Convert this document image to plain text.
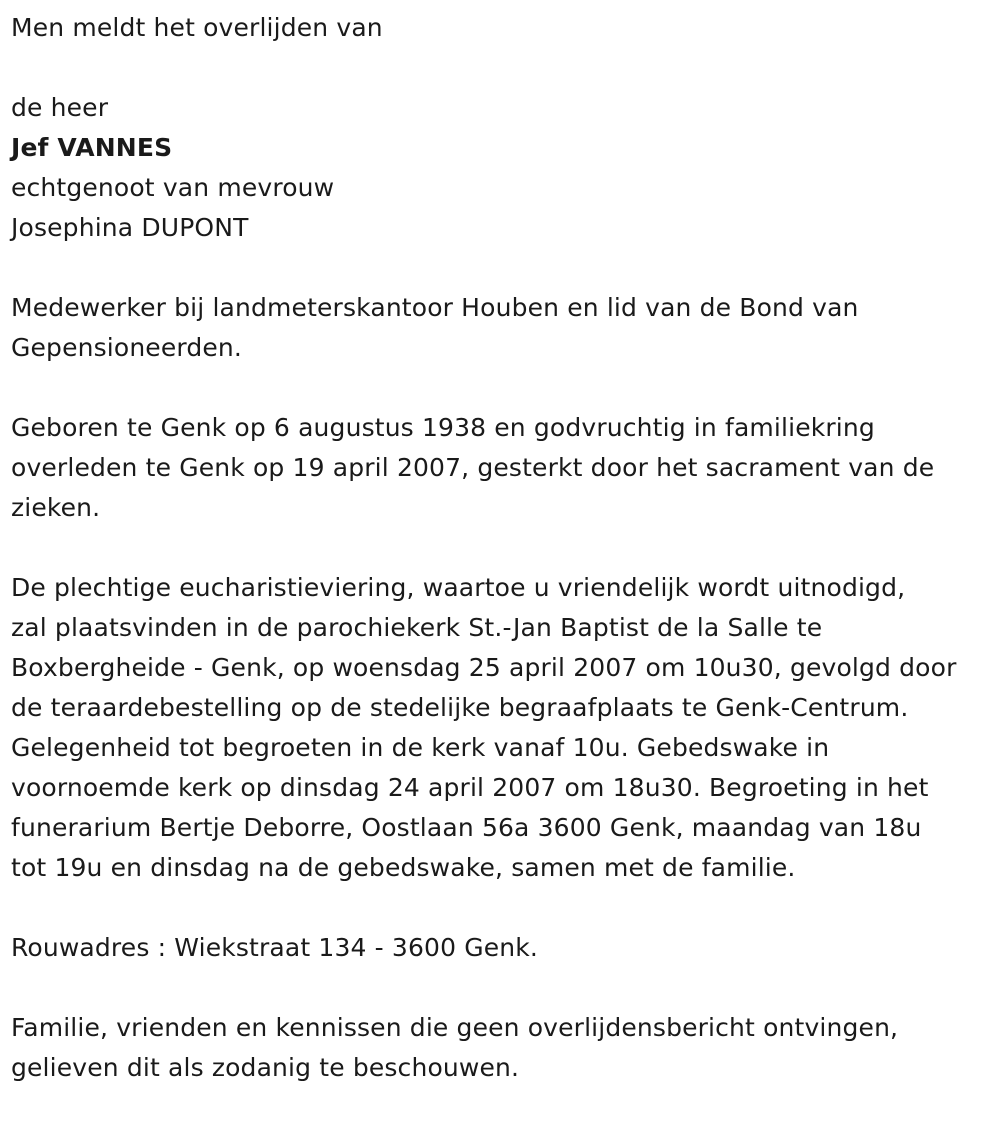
Men meldt het overlijden van
de heer
Jef VANNES
echtgenoot van mevrouw
Josephina DUPONT
Medewerker bij landmeterskantoor Houben en lid van de Bond van
Gepensioneerden.
Geboren te Genk op 6 augustus 1938 en godvruchtig in familiekring
overleden te Genk op 19 april 2007, gesterkt door het sacrament van de
zieken.
De plechtige eucharistieviering, waartoe u vriendelijk wordt uitnodigd,
zal plaatsvinden in de parochiekerk St.-Jan Baptist de la Salle te
Boxbergheide - Genk, op woensdag 25 april 2007 om 10u30, gevolgd door
de teraardebestelling op de stedelijke begraafplaats te Genk-Centrum.
Gelegenheid tot begroeten in de kerk vanaf 10u. Gebedswake in
voornoemde kerk op dinsdag 24 april 2007 om 18u30. Begroeting in het
funerarium Bertje Deborre, Oostlaan 56a 3600 Genk, maandag van 18u
tot 19u en dinsdag na de gebedswake, samen met de familie.
Rouwadres : Wiekstraat 134 - 3600 Genk.
Familie, vrienden en kennissen die geen overlijdensbericht ontvingen,
gelieven dit als zodanig te beschouwen.
